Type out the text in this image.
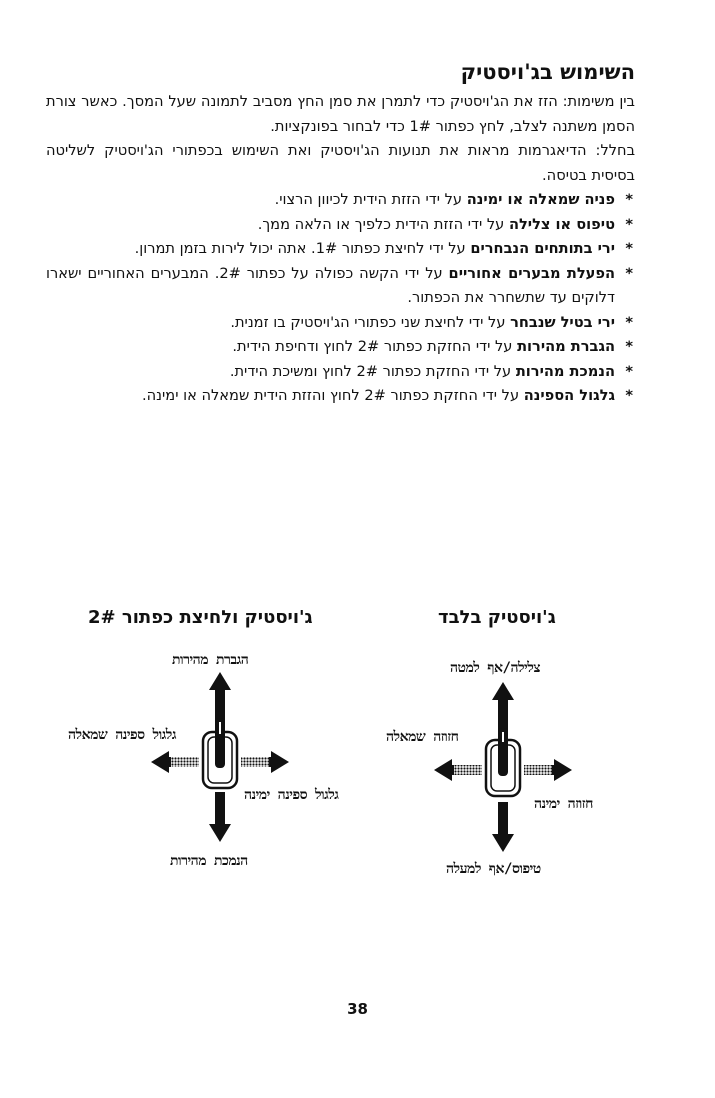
השימוש בג'ויסטיק

בין משימות: הזז את הג'ויסטיק כדי לתמרן את סמן החץ מסביב לתמונה שעל המסך. כאשר צורת הסמן משתנה לצלב, לחץ כפתור 1# כדי לבחור בפונקציות.

בחלל: הדיאגרמות מראות את תנועות הג'ויסטיק ואת השימוש בכפתורי הג'ויסטיק לשליטה בסיסית בטיסה.

*
פניה שמאלה או ימינה על ידי הזזת הידית לכיוון הרצוי.
*
טיפוס או צלילה על ידי הזזת הידית כלפיך או הלאה ממך.
*
ירי בתותחים הנבחרים על ידי לחיצת כפתור 1#. אתה יכול לירות בזמן תמרון.
*
הפעלת מבערים אחוריים על ידי הקשה כפולה על כפתור 2#. המבערים האחוריים ישארו דלוקים עד שתשחרר את הכפתור.
*
ירי בטיל שנבחר על ידי לחיצת שני כפתורי הג'ויסטיק בו זמנית.
*
הגברת מהירות על ידי החזקת כפתור 2# לחוץ ודחיפת הידית.
*
הנמכת מהירות על ידי החזקת כפתור 2# לחוץ ומשיכת הידית.
*
גלגול הספינה על ידי החזקת כפתור 2# לחוץ והזזת הידית שמאלה או ימינה.
ג'ויסטיק ולחיצת כפתור 2#
הגברת מהירות
גלגול ספינה שמאלה
גלגול ספינה ימינה
הנמכת מהירות
ג'ויסטיק בלבד
צלילה/אף למטה
חזוזה שמאלה
חזוזה ימינה
טיפוס/אף למעלה
38
